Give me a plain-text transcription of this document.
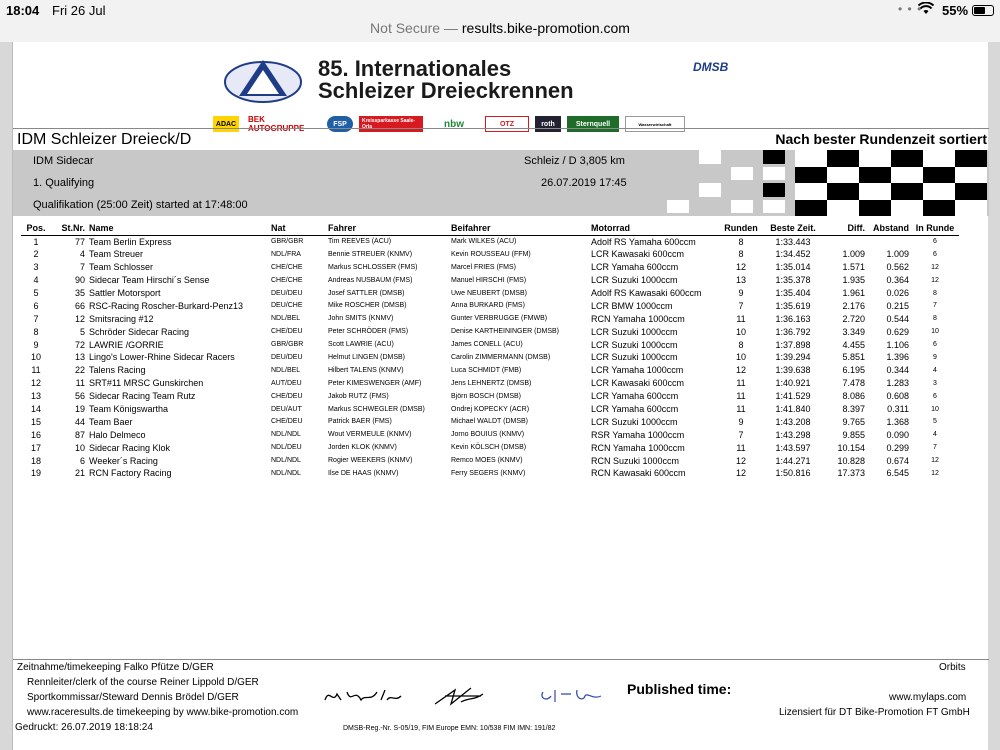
18:04 Fri 26 Jul	• • • 55%
Not Secure — results.bike-promotion.com
85. Internationales
Schleizer Dreieckrennen
DMSB
ADAC	BEK AUTOGRUPPE	FSP	Kreissparkasse Saale-Orla	nbw	OTZ	roth	Sternquell	Wasserwirtschaft
IDM Schleizer Dreieck/D	Nach bester Rundenzeit sortiert
IDM Sidecar
1. Qualifying
Qualifikation (25:00 Zeit) started at 17:48:00
Schleiz / D 3,805 km
26.07.2019 17:45
Pos.	St.Nr.	Name	Nat	Fahrer	Beifahrer	Motorrad	Runden	Beste Zeit.	Diff.	Abstand	In Runde
1	77	Team Berlin Express	GBR/GBR	Tim REEVES (ACU)	Mark WILKES (ACU)	Adolf RS Yamaha 600ccm	8	1:33.443			6
2	4	Team Streuer	NDL/FRA	Bennie STREUER (KNMV)	Kevin ROUSSEAU (FFM)	LCR Kawasaki 600ccm	8	1:34.452	1.009	1.009	6
3	7	Team Schlosser	CHE/CHE	Markus SCHLOSSER (FMS)	Marcel FRIES (FMS)	LCR Yamaha 600ccm	12	1:35.014	1.571	0.562	12
4	90	Sidecar Team Hirschi´s Sense	CHE/CHE	Andreas NUSBAUM (FMS)	Manuel HIRSCHI (FMS)	LCR Suzuki 1000ccm	13	1:35.378	1.935	0.364	12
5	35	Sattler Motorsport	DEU/DEU	Josef SATTLER (DMSB)	Uwe NEUBERT (DMSB)	Adolf RS Kawasaki 600ccm	9	1:35.404	1.961	0.026	8
6	66	RSC-Racing Roscher-Burkard-Penz13	DEU/CHE	Mike ROSCHER (DMSB)	Anna BURKARD (FMS)	LCR BMW 1000ccm	7	1:35.619	2.176	0.215	7
7	12	Smitsracing #12	NDL/BEL	John SMITS (KNMV)	Gunter VERBRUGGE (FMWB)	RCN Yamaha 1000ccm	11	1:36.163	2.720	0.544	8
8	5	Schröder Sidecar Racing	CHE/DEU	Peter SCHRÖDER (FMS)	Denise KARTHEININGER (DMSB)	LCR Suzuki 1000ccm	10	1:36.792	3.349	0.629	10
9	72	LAWRIE /GORRIE	GBR/GBR	Scott LAWRIE (ACU)	James CONELL (ACU)	LCR Suzuki 1000ccm	8	1:37.898	4.455	1.106	6
10	13	Lingo's Lower-Rhine Sidecar Racers	DEU/DEU	Helmut LINGEN (DMSB)	Carolin ZIMMERMANN (DMSB)	LCR Suzuki 1000ccm	10	1:39.294	5.851	1.396	9
11	22	Talens Racing	NDL/BEL	Hilbert TALENS (KNMV)	Luca SCHMIDT (FMB)	LCR Yamaha 1000ccm	12	1:39.638	6.195	0.344	4
12	11	SRT#11 MRSC Gunskirchen	AUT/DEU	Peter KIMESWENGER (AMF)	Jens LEHNERTZ (DMSB)	LCR Kawasaki 600ccm	11	1:40.921	7.478	1.283	3
13	56	Sidecar Racing Team Rutz	CHE/DEU	Jakob RUTZ (FMS)	Björn BOSCH (DMSB)	LCR Yamaha 600ccm	11	1:41.529	8.086	0.608	6
14	19	Team Königswartha	DEU/AUT	Markus SCHWEGLER (DMSB)	Ondrej KOPECKY (ACR)	LCR Yamaha 600ccm	11	1:41.840	8.397	0.311	10
15	44	Team Baer	CHE/DEU	Patrick BAER (FMS)	Michael WALDT (DMSB)	LCR Suzuki 1000ccm	9	1:43.208	9.765	1.368	5
16	87	Halo Delmeco	NDL/NDL	Wout VERMEULE (KNMV)	Jorno BOUIUS (KNMV)	RSR Yamaha 1000ccm	7	1:43.298	9.855	0.090	4
17	10	Sidecar Racing Klok	NDL/DEU	Jorden KLOK (KNMV)	Kevin KÖLSCH (DMSB)	RCN Yamaha 1000ccm	11	1:43.597	10.154	0.299	7
18	6	Weeker´s Racing	NDL/NDL	Rogier WEEKERS (KNMV)	Remco MOES (KNMV)	RCN Suzuki 1000ccm	12	1:44.271	10.828	0.674	12
19	21	RCN Factory Racing	NDL/NDL	Ilse DE HAAS (KNMV)	Ferry SEGERS (KNMV)	RCN Kawasaki 600ccm	12	1:50.816	17.373	6.545	12
Zeitnahme/timekeeping Falko Pfütze D/GER	Orbits
Rennleiter/clerk of the course Reiner Lippold D/GER
Sportkommissar/Steward Dennis Brödel D/GER
www.raceresults.de timekeeping by www.bike-promotion.com
Gedruckt: 26.07.2019 18:18:24
Published time:
www.mylaps.com
Lizensiert für DT Bike-Promotion FT GmbH
DMSB-Reg.-Nr. S-05/19, FIM Europe EMN: 10/538 FIM IMN: 191/82
